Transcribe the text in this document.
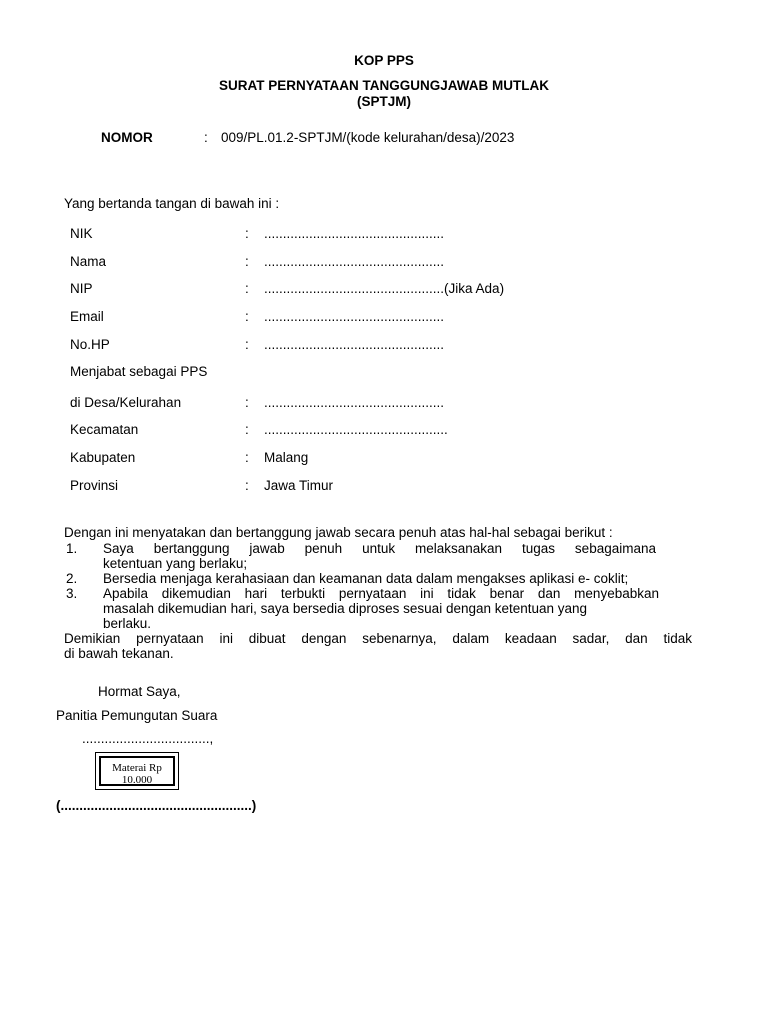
KOP PPS
SURAT PERNYATAAN TANGGUNGJAWAB MUTLAK
(SPTJM)
NOMOR	: 009/PL.01.2-SPTJM/(kode kelurahan/desa)/2023
Yang bertanda tangan di bawah ini :
NIK	: ................................................
Nama	: ................................................
NIP	: ................................................(Jika Ada)
Email	: ................................................
No.HP	: ................................................
Menjabat sebagai PPS
di Desa/Kelurahan	: ................................................
Kecamatan	: .................................................
Kabupaten	: Malang
Provinsi	: Jawa Timur
Dengan ini menyatakan dan bertanggung jawab secara penuh atas hal-hal sebagai berikut :
1. Saya bertanggung jawab penuh untuk melaksanakan tugas sebagaimana
ketentuan yang berlaku;
2. Bersedia menjaga kerahasiaan dan keamanan data dalam mengakses aplikasi e- coklit;
3. Apabila dikemudian hari terbukti pernyataan ini tidak benar dan menyebabkan
masalah dikemudian hari, saya bersedia diproses sesuai dengan ketentuan yang
berlaku.
Demikian pernyataan ini dibuat dengan sebenarnya, dalam keadaan sadar, dan tidak
di bawah tekanan.
Hormat Saya,
Panitia Pemungutan Suara
..................................,
Materai Rp
10.000
(...................................................)
